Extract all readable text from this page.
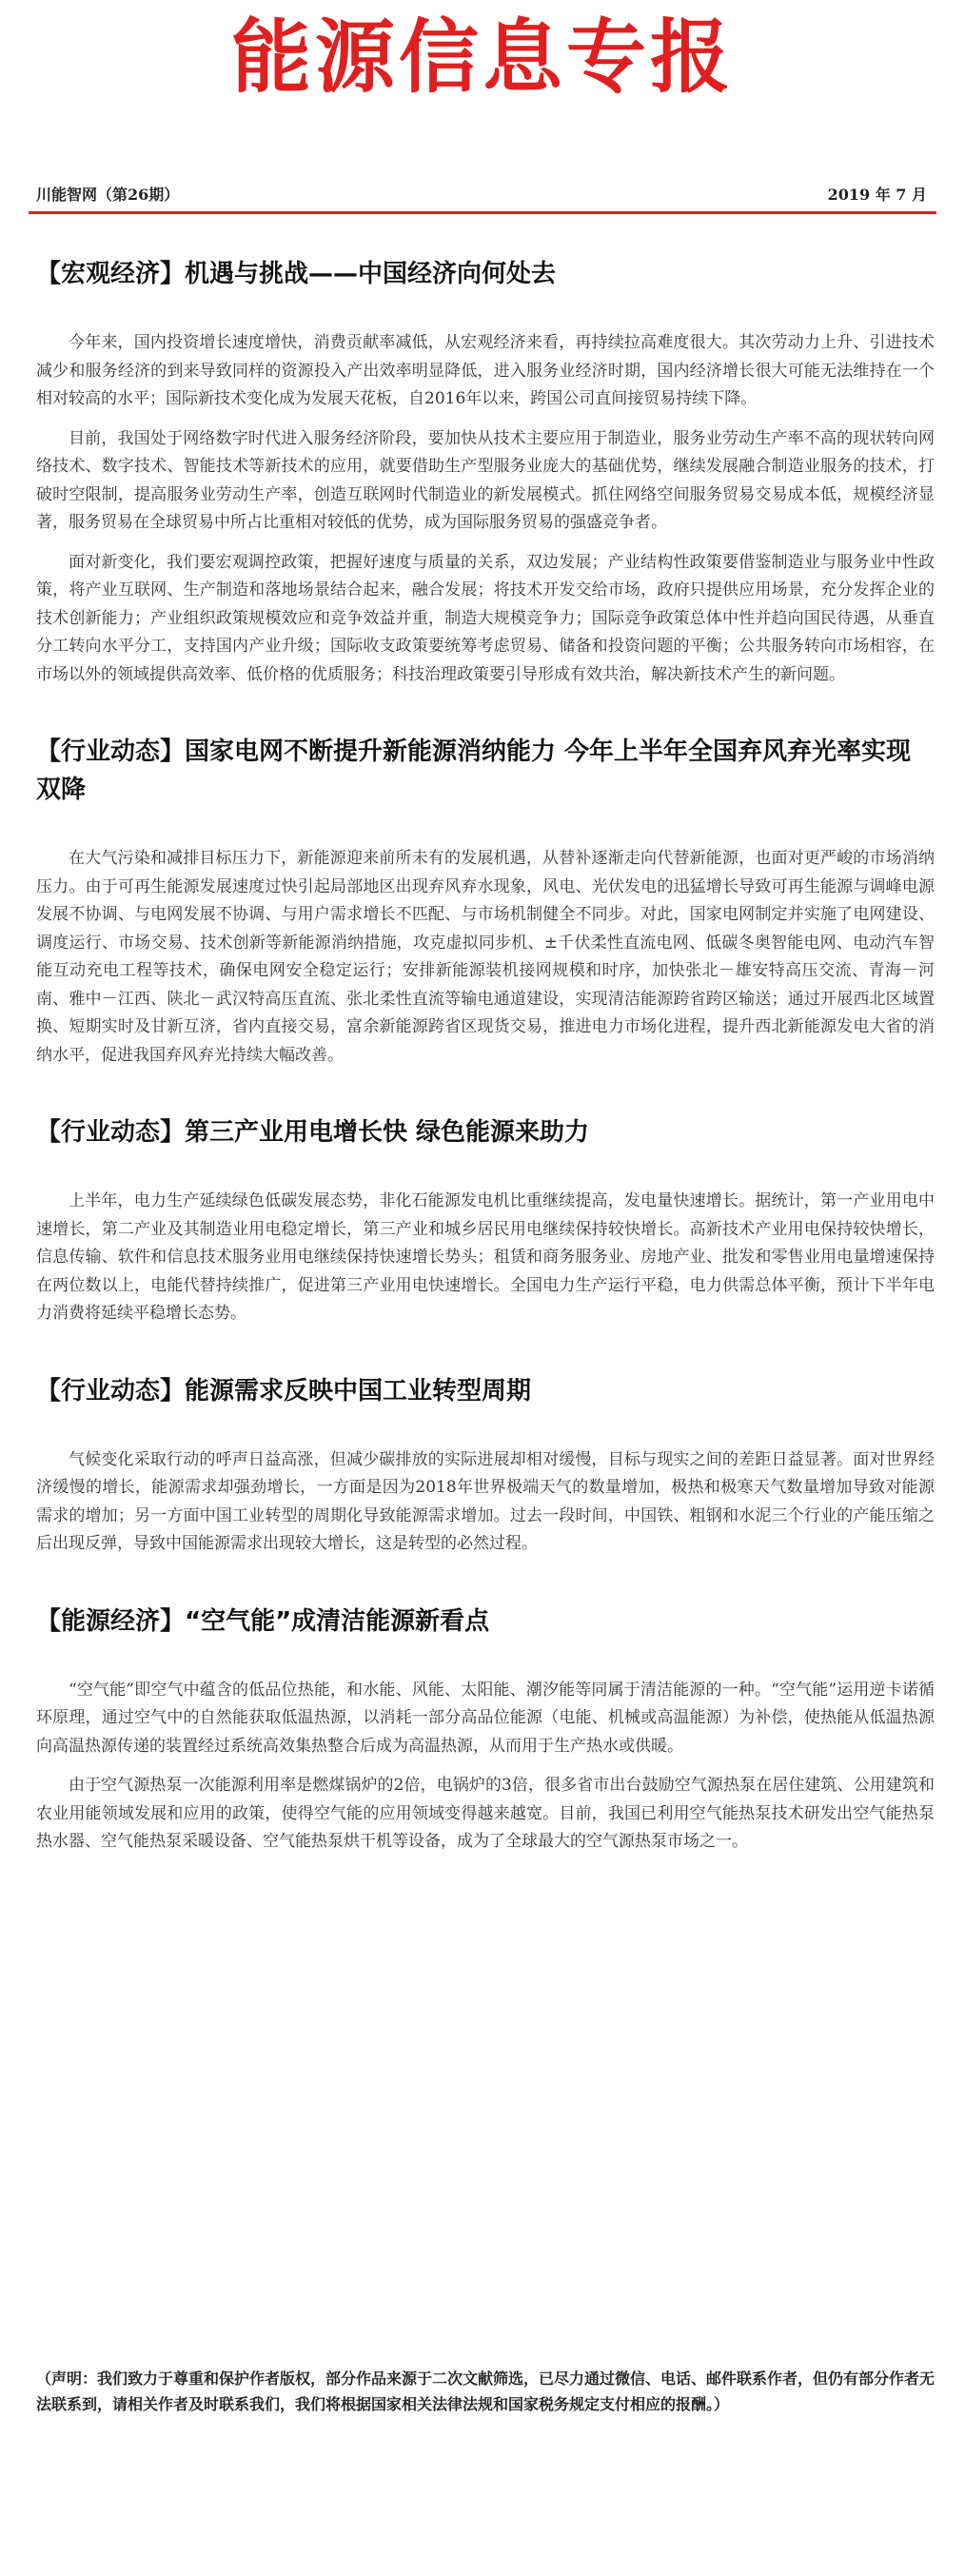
能源信息专报
川能智网（第26期）	2019 年 7 月
【宏观经济】机遇与挑战——中国经济向何处去

今年来，国内投资增长速度增快，消费贡献率减低，从宏观经济来看，再持续拉高难度很大。其次劳动力上升、引进技术减少和服务经济的到来导致同样的资源投入产出效率明显降低，进入服务业经济时期，国内经济增长很大可能无法维持在一个相对较高的水平；国际新技术变化成为发展天花板，自2016年以来，跨国公司直间接贸易持续下降。

目前，我国处于网络数字时代进入服务经济阶段，要加快从技术主要应用于制造业，服务业劳动生产率不高的现状转向网络技术、数字技术、智能技术等新技术的应用，就要借助生产型服务业庞大的基础优势，继续发展融合制造业服务的技术，打破时空限制，提高服务业劳动生产率，创造互联网时代制造业的新发展模式。抓住网络空间服务贸易交易成本低，规模经济显著，服务贸易在全球贸易中所占比重相对较低的优势，成为国际服务贸易的强盛竞争者。

面对新变化，我们要宏观调控政策，把握好速度与质量的关系，双边发展；产业结构性政策要借鉴制造业与服务业中性政策，将产业互联网、生产制造和落地场景结合起来，融合发展；将技术开发交给市场，政府只提供应用场景，充分发挥企业的技术创新能力；产业组织政策规模效应和竞争效益并重，制造大规模竞争力；国际竞争政策总体中性并趋向国民待遇，从垂直分工转向水平分工，支持国内产业升级；国际收支政策要统筹考虑贸易、储备和投资问题的平衡；公共服务转向市场相容，在市场以外的领域提供高效率、低价格的优质服务；科技治理政策要引导形成有效共治，解决新技术产生的新问题。

【行业动态】国家电网不断提升新能源消纳能力 今年上半年全国弃风弃光率实现双降

在大气污染和减排目标压力下，新能源迎来前所未有的发展机遇，从替补逐渐走向代替新能源，也面对更严峻的市场消纳压力。由于可再生能源发展速度过快引起局部地区出现弃风弃水现象，风电、光伏发电的迅猛增长导致可再生能源与调峰电源发展不协调、与电网发展不协调、与用户需求增长不匹配、与市场机制健全不同步。对此，国家电网制定并实施了电网建设、调度运行、市场交易、技术创新等新能源消纳措施，攻克虚拟同步机、±千伏柔性直流电网、低碳冬奥智能电网、电动汽车智能互动充电工程等技术，确保电网安全稳定运行；安排新能源装机接网规模和时序，加快张北－雄安特高压交流、青海－河南、雅中－江西、陕北－武汉特高压直流、张北柔性直流等输电通道建设，实现清洁能源跨省跨区输送；通过开展西北区域置换、短期实时及甘新互济，省内直接交易，富余新能源跨省区现货交易，推进电力市场化进程，提升西北新能源发电大省的消纳水平，促进我国弃风弃光持续大幅改善。

【行业动态】第三产业用电增长快 绿色能源来助力

上半年，电力生产延续绿色低碳发展态势，非化石能源发电机比重继续提高，发电量快速增长。据统计，第一产业用电中速增长，第二产业及其制造业用电稳定增长，第三产业和城乡居民用电继续保持较快增长。高新技术产业用电保持较快增长，信息传输、软件和信息技术服务业用电继续保持快速增长势头；租赁和商务服务业、房地产业、批发和零售业用电量增速保持在两位数以上，电能代替持续推广，促进第三产业用电快速增长。全国电力生产运行平稳，电力供需总体平衡，预计下半年电力消费将延续平稳增长态势。

【行业动态】能源需求反映中国工业转型周期

气候变化采取行动的呼声日益高涨，但减少碳排放的实际进展却相对缓慢，目标与现实之间的差距日益显著。面对世界经济缓慢的增长，能源需求却强劲增长，一方面是因为2018年世界极端天气的数量增加，极热和极寒天气数量增加导致对能源需求的增加；另一方面中国工业转型的周期化导致能源需求增加。过去一段时间，中国铁、粗钢和水泥三个行业的产能压缩之后出现反弹，导致中国能源需求出现较大增长，这是转型的必然过程。

【能源经济】“空气能”成清洁能源新看点

“空气能”即空气中蕴含的低品位热能，和水能、风能、太阳能、潮汐能等同属于清洁能源的一种。“空气能”运用逆卡诺循环原理，通过空气中的自然能获取低温热源，以消耗一部分高品位能源（电能、机械或高温能源）为补偿，使热能从低温热源向高温热源传递的装置经过系统高效集热整合后成为高温热源，从而用于生产热水或供暖。

由于空气源热泵一次能源利用率是燃煤锅炉的2倍，电锅炉的3倍，很多省市出台鼓励空气源热泵在居住建筑、公用建筑和农业用能领域发展和应用的政策，使得空气能的应用领域变得越来越宽。目前，我国已利用空气能热泵技术研发出空气能热泵热水器、空气能热泵采暖设备、空气能热泵烘干机等设备，成为了全球最大的空气源热泵市场之一。

（声明：我们致力于尊重和保护作者版权，部分作品来源于二次文献筛选，已尽力通过微信、电话、邮件联系作者，但仍有部分作者无法联系到，请相关作者及时联系我们，我们将根据国家相关法律法规和国家税务规定支付相应的报酬。）
